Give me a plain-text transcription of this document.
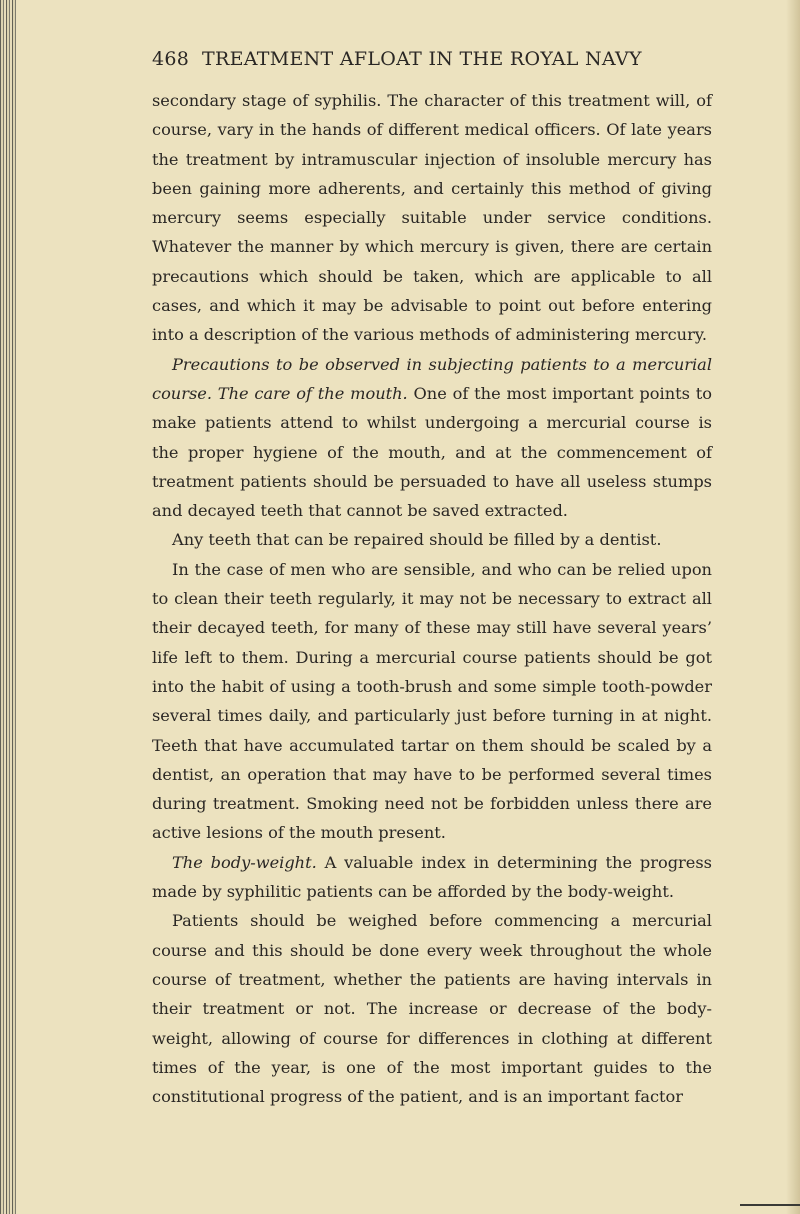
468 TREATMENT AFLOAT IN THE ROYAL NAVY

secondary stage of syphilis. The character of this treatment will, of course, vary in the hands of different medical officers. Of late years the treatment by intramuscular injection of insoluble mercury has been gaining more adherents, and certainly this method of giving mercury seems especially suitable under service conditions. Whatever the manner by which mercury is given, there are certain precautions which should be taken, which are applicable to all cases, and which it may be advisable to point out before entering into a description of the various methods of administering mercury.

Precautions to be observed in subjecting patients to a mercurial course. The care of the mouth. One of the most important points to make patients attend to whilst undergoing a mercurial course is the proper hygiene of the mouth, and at the commencement of treatment patients should be persuaded to have all useless stumps and decayed teeth that cannot be saved extracted.

Any teeth that can be repaired should be filled by a dentist.

In the case of men who are sensible, and who can be relied upon to clean their teeth regularly, it may not be necessary to extract all their decayed teeth, for many of these may still have several years’ life left to them. During a mercurial course patients should be got into the habit of using a tooth-brush and some simple tooth-powder several times daily, and particularly just before turning in at night. Teeth that have accumulated tartar on them should be scaled by a dentist, an operation that may have to be performed several times during treatment. Smoking need not be forbidden unless there are active lesions of the mouth present.

The body-weight. A valuable index in determining the progress made by syphilitic patients can be afforded by the body-weight.

Patients should be weighed before commencing a mercurial course and this should be done every week throughout the whole course of treatment, whether the patients are having intervals in their treatment or not. The increase or decrease of the body-weight, allowing of course for differences in clothing at different times of the year, is one of the most important guides to the constitutional progress of the patient, and is an important factor
